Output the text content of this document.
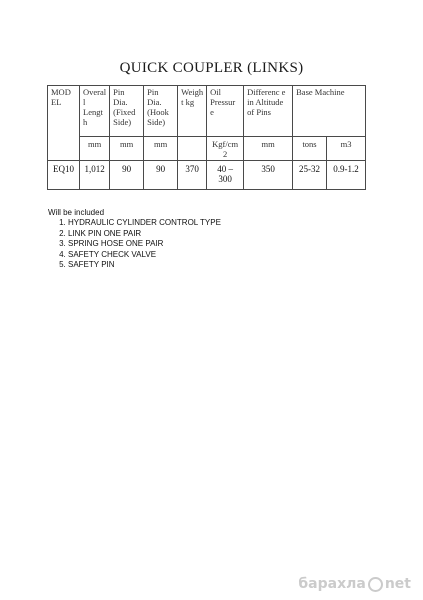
QUICK COUPLER (LINKS)
MOD EL	Overal l Lengt h	Pin Dia. (Fixed Side)	Pin Dia. (Hook Side)	Weigh t kg	Oil Pressur e	Differenc e in Altitude of Pins	Base Machine	
	mm	mm	mm		Kgf/cm 2	mm	tons	m3
EQ10	1,012	90	90	370	40 – 300	350	25-32	0.9-1.2
Will be included
1. HYDRAULIC CYLINDER CONTROL TYPE
2. LINK PIN ONE PAIR
3. SPRING HOSE ONE PAIR
4. SAFETY CHECK VALVE
5. SAFETY PIN
барахла net
